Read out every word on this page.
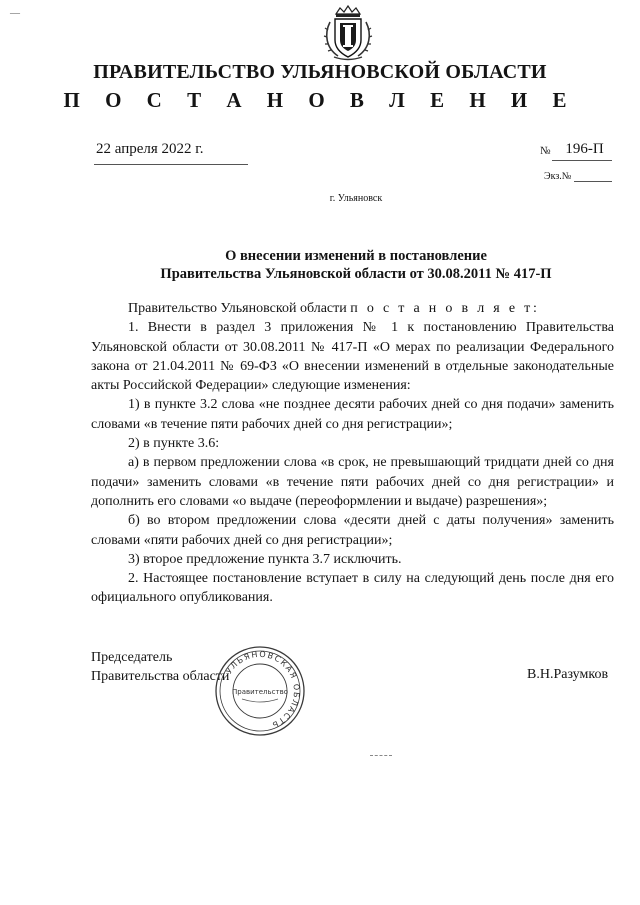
—
ПРАВИТЕЛЬСТВО УЛЬЯНОВСКОЙ ОБЛАСТИ
П О С Т А Н О В Л Е Н И Е
22 апреля 2022 г.	№ 196-П
Экз.№
г. Ульяновск
О внесении изменений в постановление
Правительства Ульяновской области от 30.08.2011 № 417-П

Правительство Ульяновской области п о с т а н о в л я е т:

1. Внести в раздел 3 приложения № 1 к постановлению Правительства Ульяновской области от 30.08.2011 № 417-П «О мерах по реализации Федерального закона от 21.04.2011 № 69-ФЗ «О внесении изменений в отдельные законодательные акты Российской Федерации» следующие изменения:

1) в пункте 3.2 слова «не позднее десяти рабочих дней со дня подачи» заменить словами «в течение пяти рабочих дней со дня регистрации»;

2) в пункте 3.6:

а) в первом предложении слова «в срок, не превышающий тридцати дней со дня подачи» заменить словами «в течение пяти рабочих дней со дня регистрации» и дополнить его словами «о выдаче (переоформлении и выдаче) разрешения»;

б) во втором предложении слова «десяти дней с даты получения» заменить словами «пяти рабочих дней со дня регистрации»;

3) второе предложение пункта 3.7 исключить.

2. Настоящее постановление вступает в силу на следующий день после дня его официального опубликования.

Председатель
Правительства области	В.Н.Разумков
УЛЬЯНОВСКАЯ ОБЛАСТЬ
Правительство
